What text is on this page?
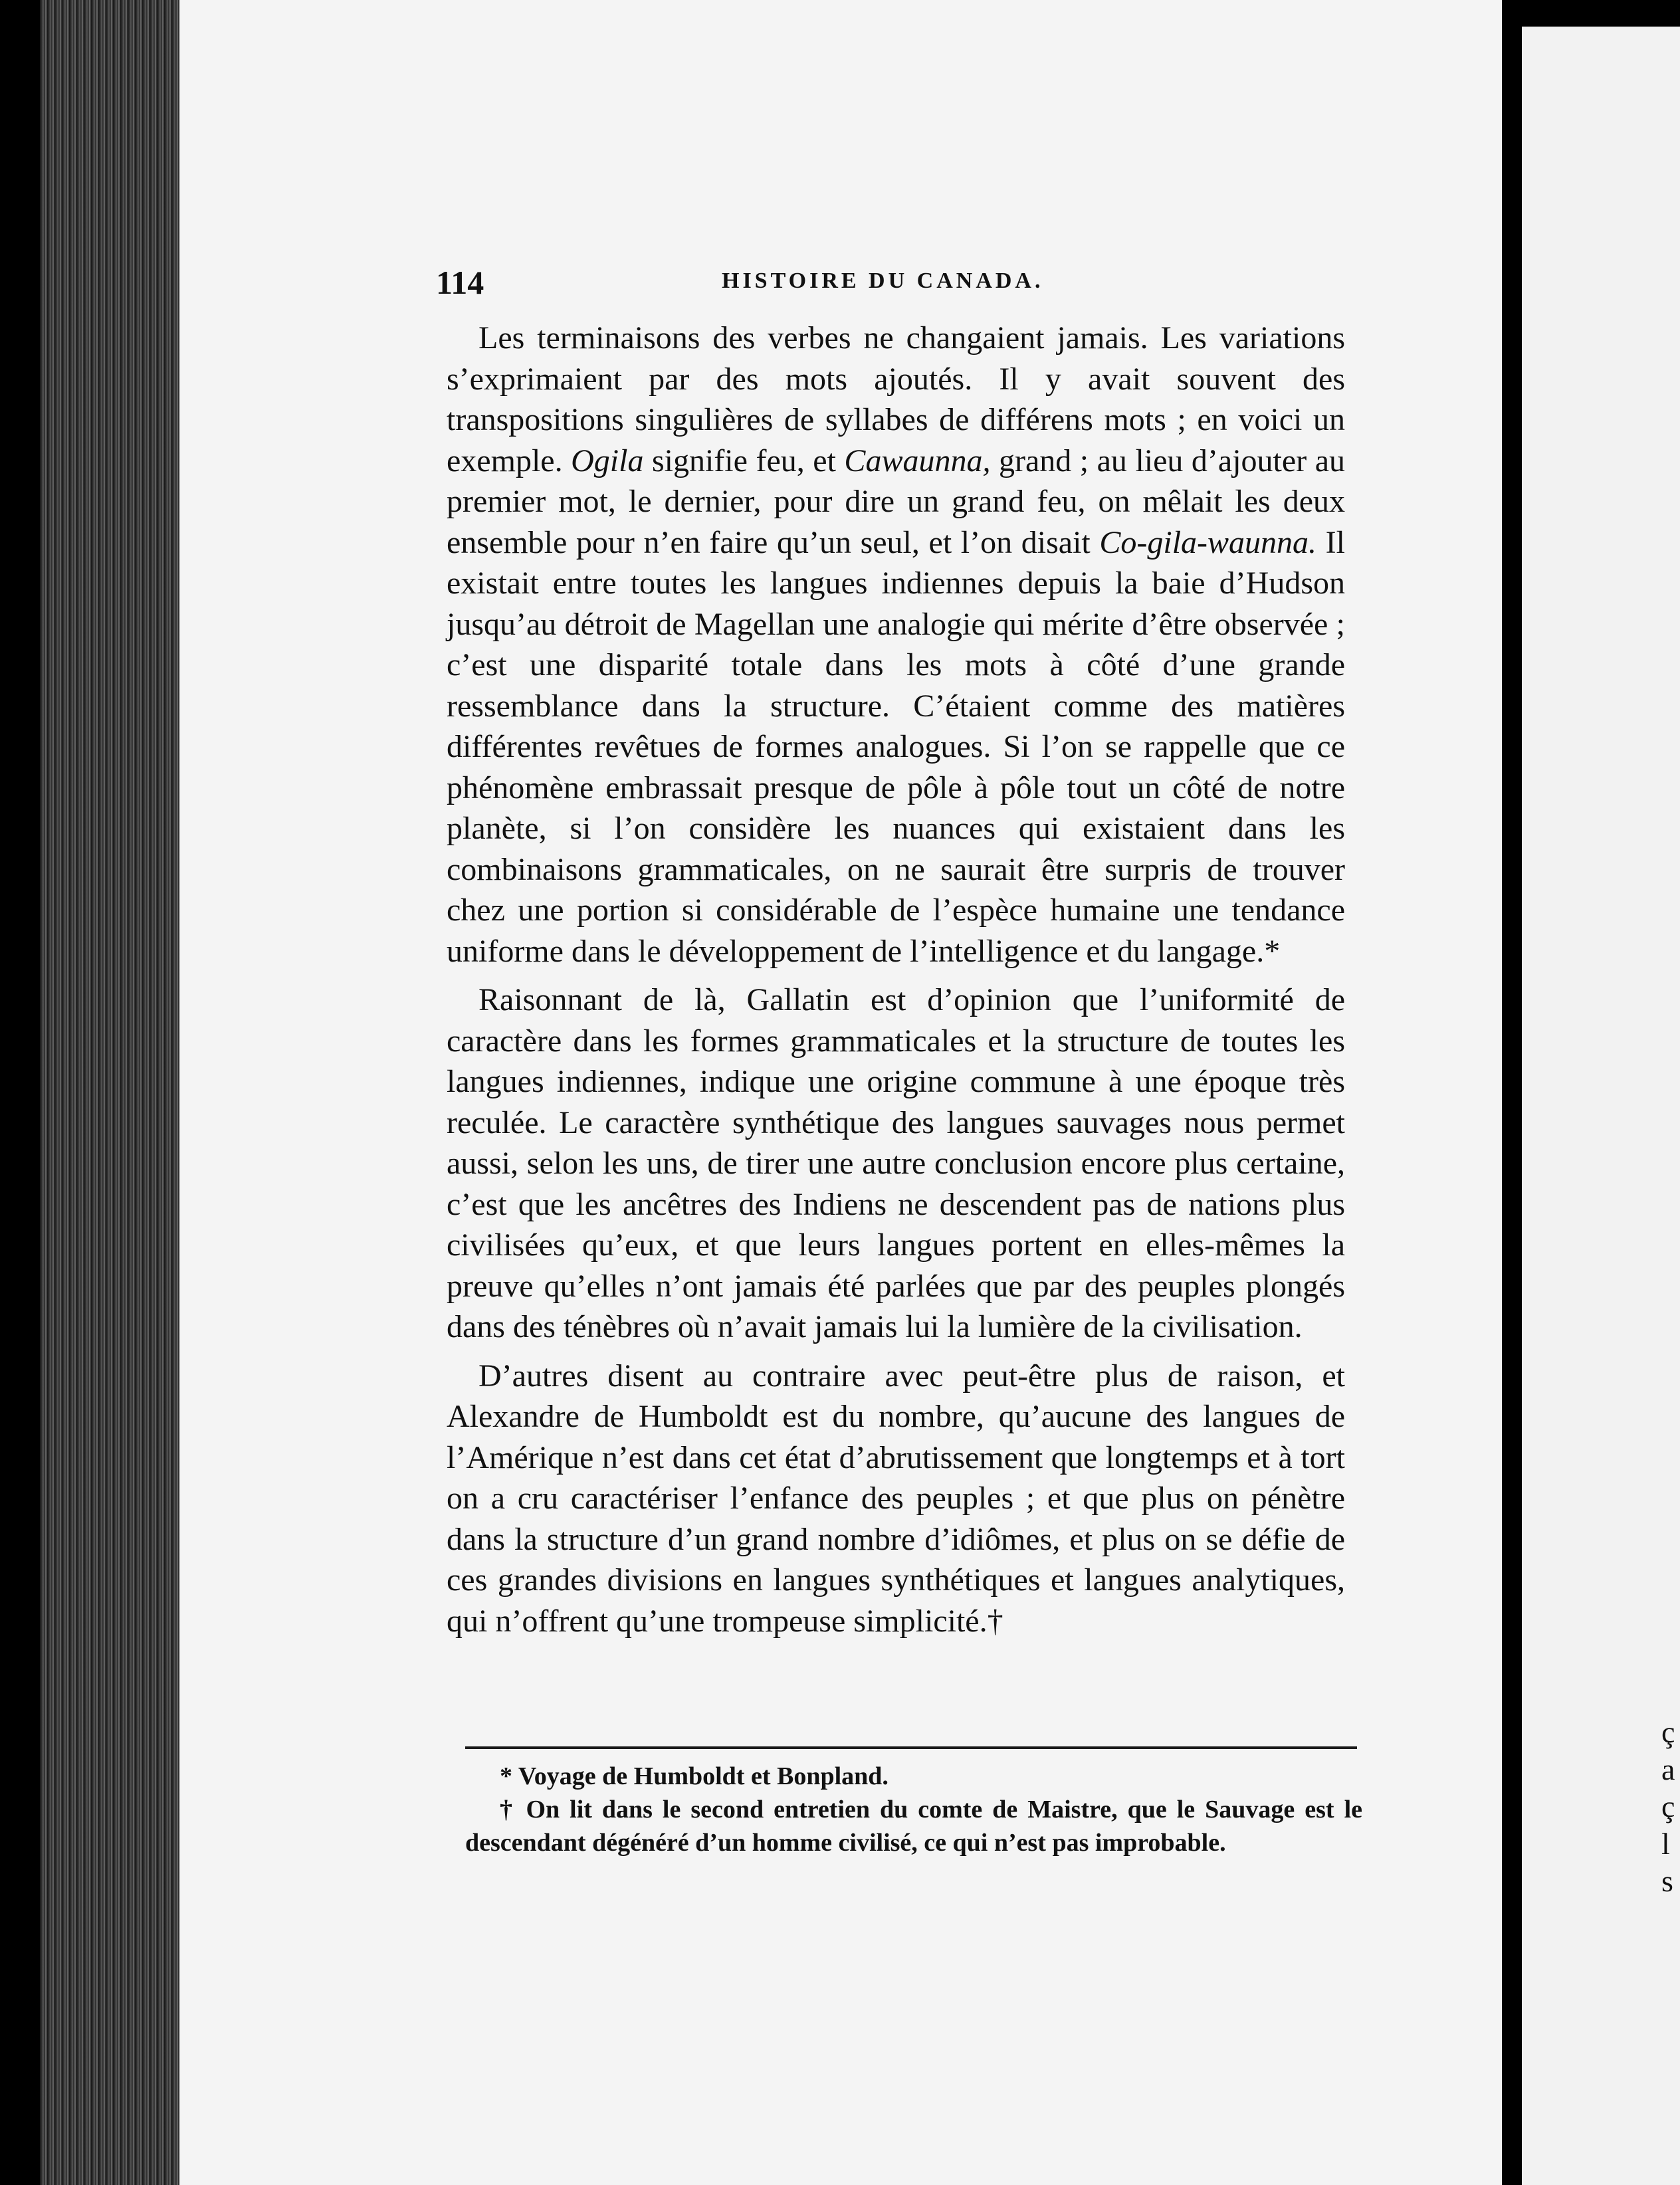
ç
a
ç
l
s
114	HISTOIRE DU CANADA.

Les terminaisons des verbes ne changaient jamais. Les variations s’exprimaient par des mots ajoutés. Il y avait souvent des transpositions singulières de syllabes de différens mots ; en voici un exemple. Ogila signifie feu, et Cawaunna, grand ; au lieu d’ajouter au premier mot, le dernier, pour dire un grand feu, on mêlait les deux ensemble pour n’en faire qu’un seul, et l’on disait Co-gila-waunna. Il existait entre toutes les langues indiennes depuis la baie d’Hudson jusqu’au détroit de Magellan une analogie qui mérite d’être observée ; c’est une disparité totale dans les mots à côté d’une grande ressemblance dans la structure. C’étaient comme des matières différentes revêtues de formes analogues. Si l’on se rappelle que ce phénomène embrassait presque de pôle à pôle tout un côté de notre planète, si l’on considère les nuances qui existaient dans les combinaisons grammaticales, on ne saurait être surpris de trouver chez une portion si considérable de l’espèce humaine une tendance uniforme dans le développement de l’intelligence et du langage.*

Raisonnant de là, Gallatin est d’opinion que l’uniformité de caractère dans les formes grammaticales et la structure de toutes les langues indiennes, indique une origine commune à une époque très reculée. Le caractère synthétique des langues sauvages nous permet aussi, selon les uns, de tirer une autre conclusion encore plus certaine, c’est que les ancêtres des Indiens ne descendent pas de nations plus civilisées qu’eux, et que leurs langues portent en elles-mêmes la preuve qu’elles n’ont jamais été parlées que par des peuples plongés dans des ténèbres où n’avait jamais lui la lumière de la civilisation.

D’autres disent au contraire avec peut-être plus de raison, et Alexandre de Humboldt est du nombre, qu’aucune des langues de l’Amérique n’est dans cet état d’abrutissement que longtemps et à tort on a cru caractériser l’enfance des peuples ; et que plus on pénètre dans la structure d’un grand nombre d’idiômes, et plus on se défie de ces grandes divisions en langues synthétiques et langues analytiques, qui n’offrent qu’une trompeuse simplicité.†

* Voyage de Humboldt et Bonpland.

† On lit dans le second entretien du comte de Maistre, que le Sauvage est le descendant dégénéré d’un homme civilisé, ce qui n’est pas improbable.
